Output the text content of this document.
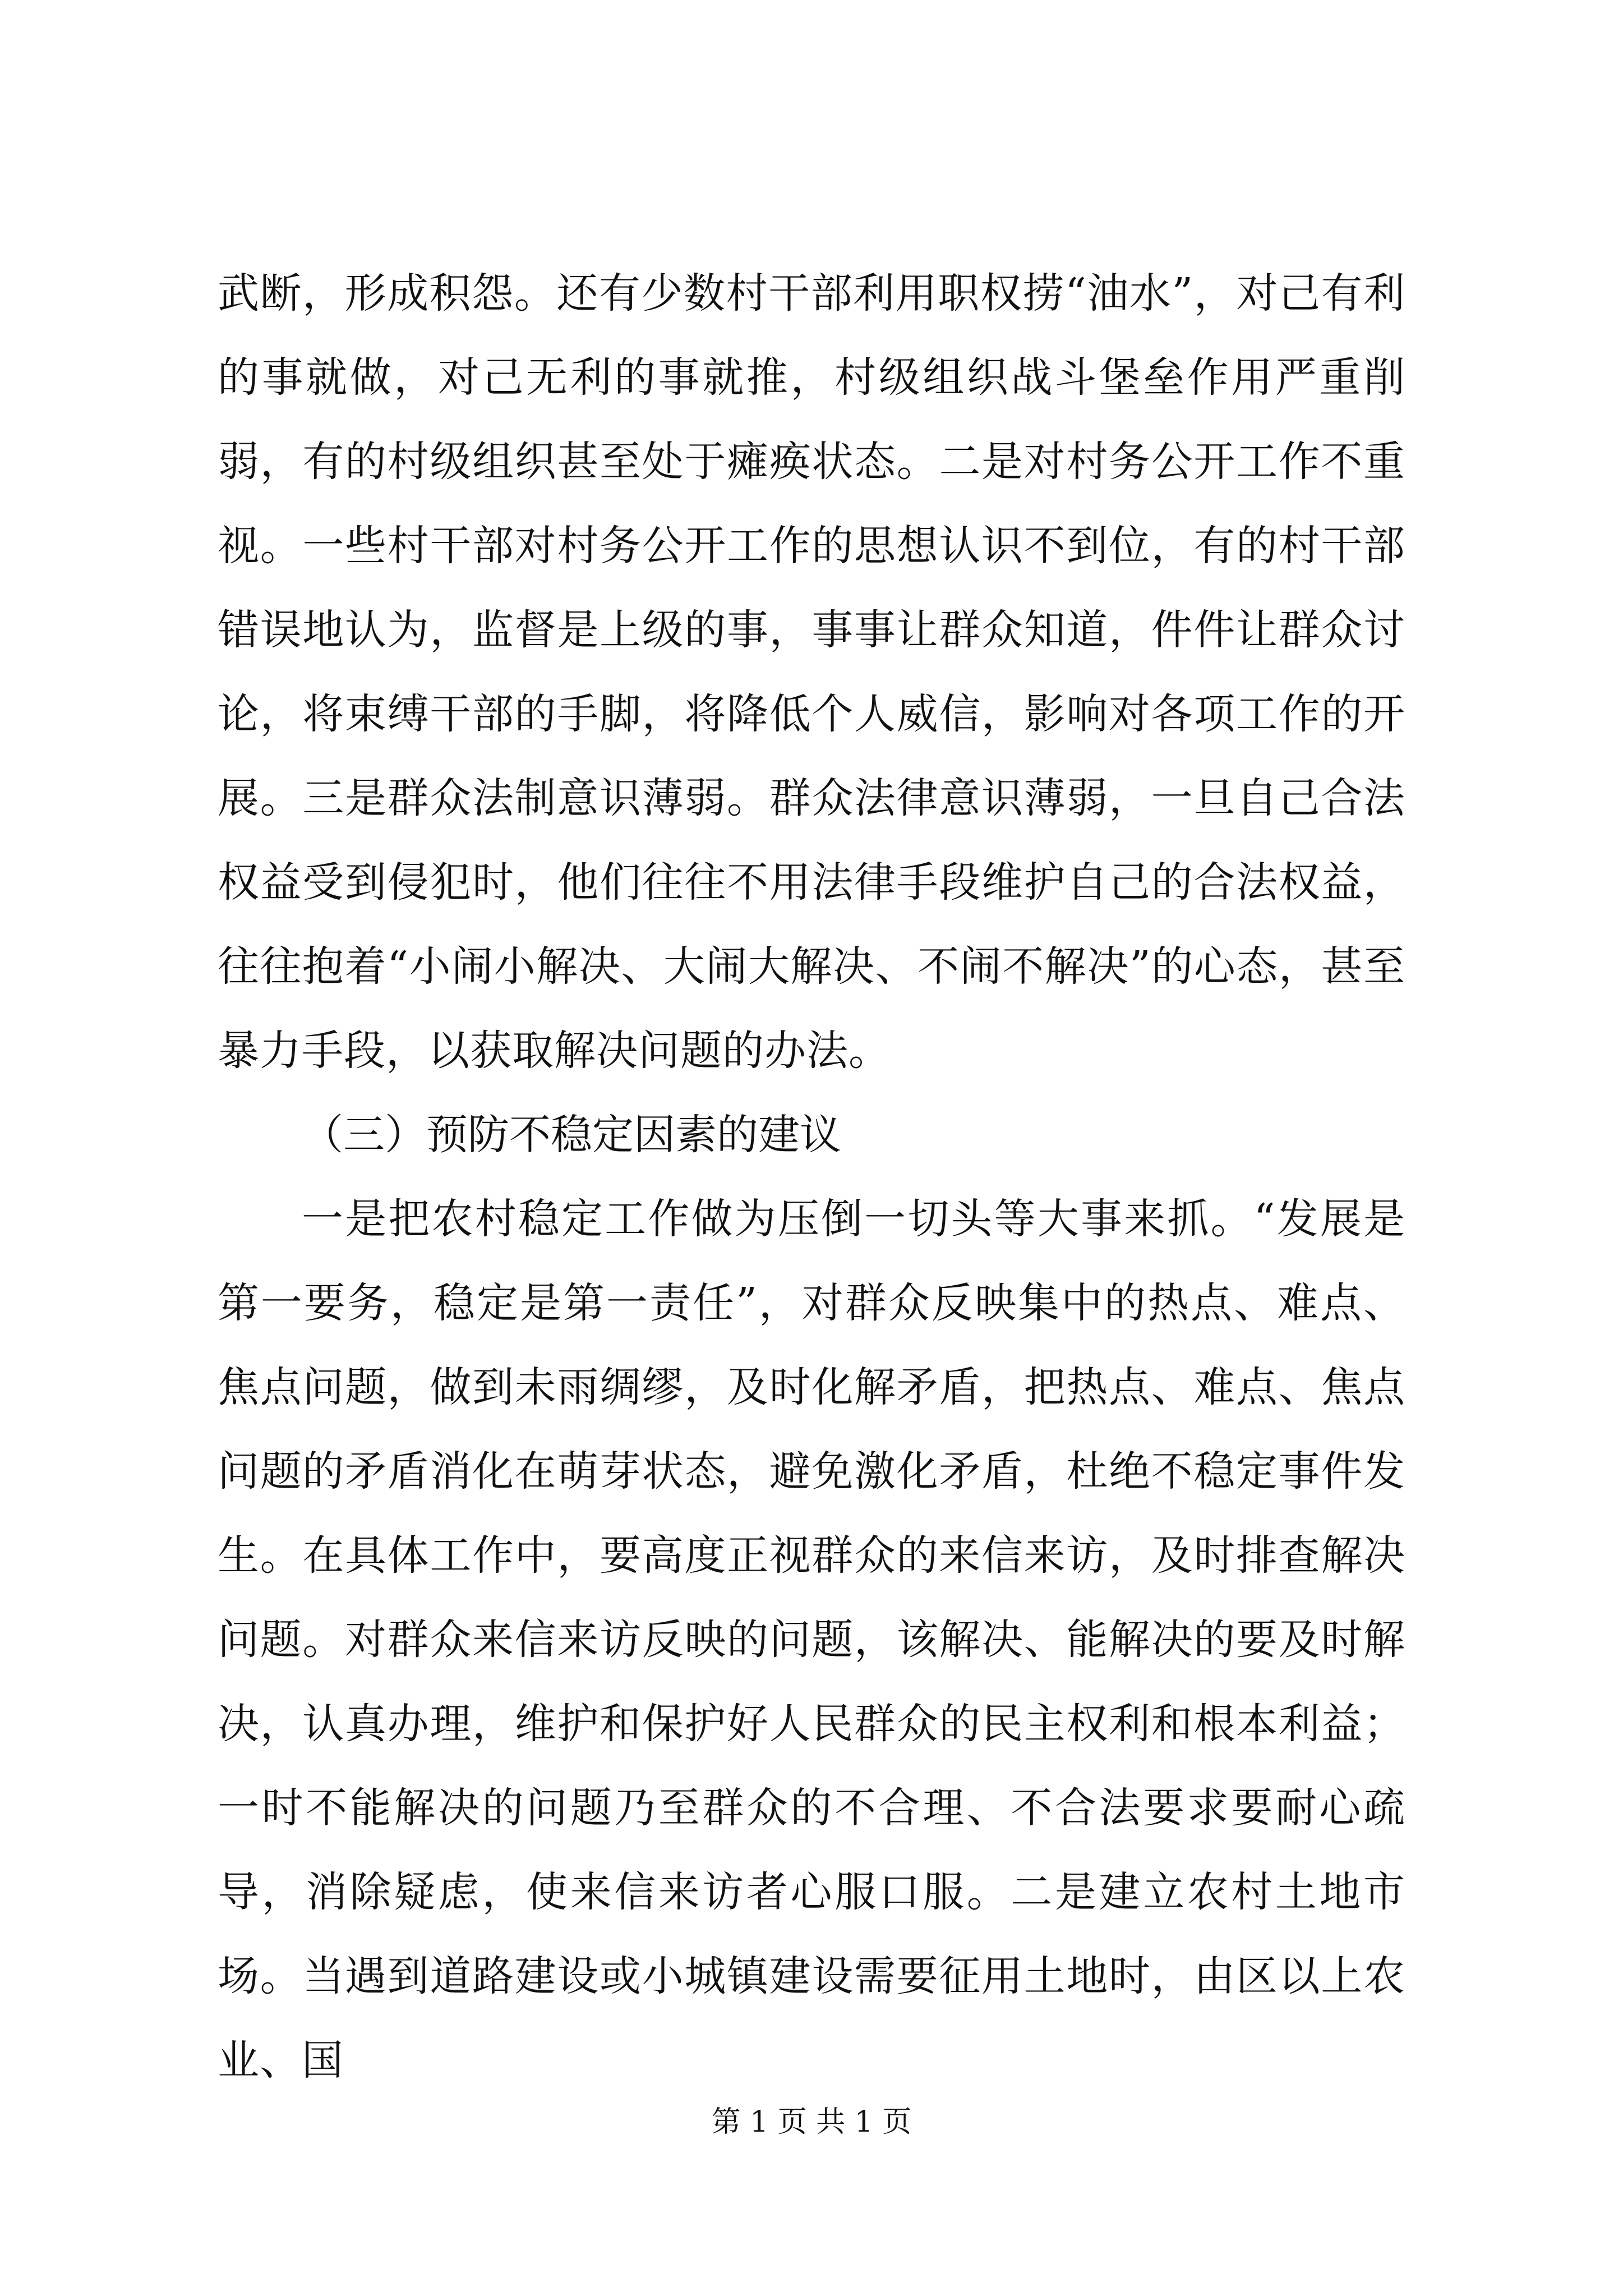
武断，形成积怨。还有少数村干部利用职权捞“油水”，对己有利的事就做，对己无利的事就推，村级组织战斗堡垒作用严重削弱，有的村级组织甚至处于瘫痪状态。二是对村务公开工作不重视。一些村干部对村务公开工作的思想认识不到位，有的村干部错误地认为，监督是上级的事，事事让群众知道，件件让群众讨论，将束缚干部的手脚，将降低个人威信，影响对各项工作的开展。三是群众法制意识薄弱。群众法律意识薄弱，一旦自己合法权益受到侵犯时，他们往往不用法律手段维护自己的合法权益，往往抱着“小闹小解决、大闹大解决、不闹不解决”的心态，甚至暴力手段，以获取解决问题的办法。

（三）预防不稳定因素的建议

一是把农村稳定工作做为压倒一切头等大事来抓。“发展是第一要务，稳定是第一责任”，对群众反映集中的热点、难点、焦点问题，做到未雨绸缪，及时化解矛盾，把热点、难点、焦点问题的矛盾消化在萌芽状态，避免激化矛盾，杜绝不稳定事件发生。在具体工作中，要高度正视群众的来信来访，及时排查解决问题。对群众来信来访反映的问题，该解决、能解决的要及时解决，认真办理，维护和保护好人民群众的民主权利和根本利益；一时不能解决的问题乃至群众的不合理、不合法要求要耐心疏导，消除疑虑，使来信来访者心服口服。二是建立农村土地市场。当遇到道路建设或小城镇建设需要征用土地时，由区以上农业、国

第 1 页 共 1 页
